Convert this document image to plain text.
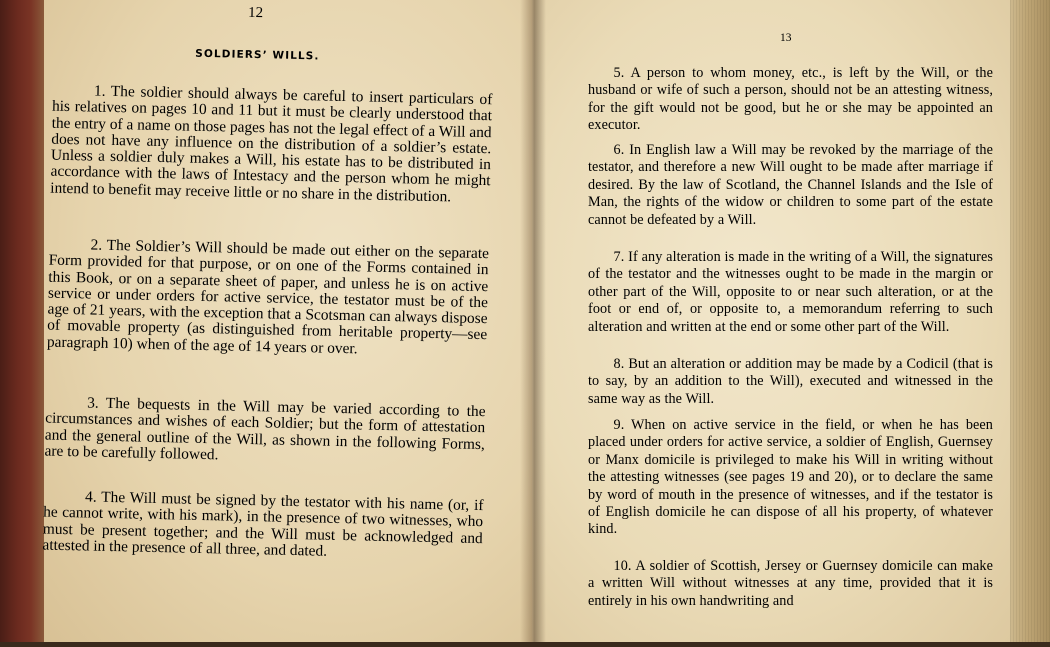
12
SOLDIERS’ WILLS.
1. The soldier should always be careful to insert particulars of his relatives on pages 10 and 11 but it must be clearly understood that the entry of a name on those pages has not the legal effect of a Will and does not have any influence on the distribution of a soldier’s estate. Unless a soldier duly makes a Will, his estate has to be distributed in accordance with the laws of Intestacy and the person whom he might intend to benefit may receive little or no share in the distribution.
2. The Soldier’s Will should be made out either on the separate Form provided for that purpose, or on one of the Forms contained in this Book, or on a separate sheet of paper, and unless he is on active service or under orders for active service, the testator must be of the age of 21 years, with the exception that a Scotsman can always dispose of movable property (as distinguished from heritable property—see paragraph 10) when of the age of 14 years or over.
3. The bequests in the Will may be varied according to the circumstances and wishes of each Soldier; but the form of attestation and the general outline of the Will, as shown in the following Forms, are to be carefully followed.
4. The Will must be signed by the testator with his name (or, if he cannot write, with his mark), in the presence of two witnesses, who must be present together; and the Will must be acknowledged and attested in the presence of all three, and dated.
13
5. A person to whom money, etc., is left by the Will, or the husband or wife of such a person, should not be an attesting witness, for the gift would not be good, but he or she may be appointed an executor.
6. In English law a Will may be revoked by the marriage of the testator, and therefore a new Will ought to be made after marriage if desired. By the law of Scotland, the Channel Islands and the Isle of Man, the rights of the widow or children to some part of the estate cannot be defeated by a Will.
7. If any alteration is made in the writing of a Will, the signatures of the testator and the witnesses ought to be made in the margin or other part of the Will, opposite to or near such alteration, or at the foot or end of, or opposite to, a memorandum referring to such alteration and written at the end or some other part of the Will.
8. But an alteration or addition may be made by a Codicil (that is to say, by an addition to the Will), executed and witnessed in the same way as the Will.
9. When on active service in the field, or when he has been placed under orders for active service, a soldier of English, Guernsey or Manx domicile is privileged to make his Will in writing without the attesting witnesses (see pages 19 and 20), or to declare the same by word of mouth in the presence of witnesses, and if the testator is of English domicile he can dispose of all his property, of whatever kind.
10. A soldier of Scottish, Jersey or Guernsey domicile can make a written Will without witnesses at any time, provided that it is entirely in his own handwriting and
